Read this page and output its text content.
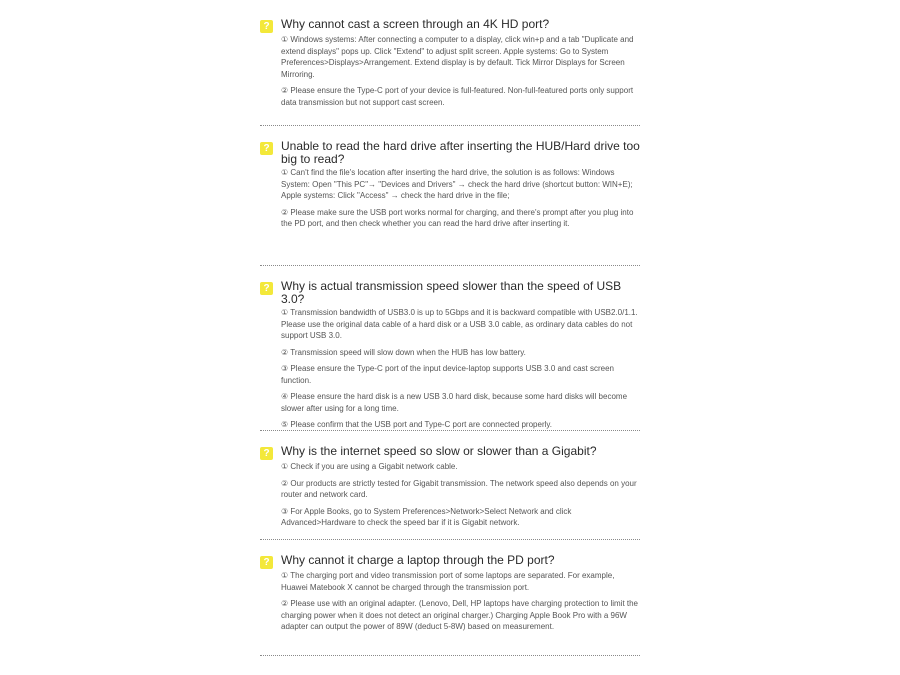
? Why cannot cast a screen through an 4K HD port?

① Windows systems: After connecting a computer to a display, click win+p and a tab "Duplicate and extend displays" pops up. Click "Extend" to adjust split screen. Apple systems: Go to System Preferences>Displays>Arrangement. Extend display is by default. Tick Mirror Displays for Screen Mirroring.

② Please ensure the Type-C port of your device is full-featured. Non-full-featured ports only support data transmission but not support cast screen.

? Unable to read the hard drive after inserting the HUB/Hard drive too big to read?

① Can't find the file's location after inserting the hard drive, the solution is as follows: Windows System: Open "This PC"→ "Devices and Drivers" → check the hard drive (shortcut button: WIN+E); Apple systems: Click "Access" → check the hard drive in the file;

② Please make sure the USB port works normal for charging, and there's prompt after you plug into the PD port, and then check whether you can read the hard drive after inserting it.

? Why is actual transmission speed slower than the speed of USB 3.0?

① Transmission bandwidth of USB3.0 is up to 5Gbps and it is backward compatible with USB2.0/1.1. Please use the original data cable of a hard disk or a USB 3.0 cable, as ordinary data cables do not support USB 3.0.

② Transmission speed will slow down when the HUB has low battery.

③ Please ensure the Type-C port of the input device-laptop supports USB 3.0 and cast screen function.

④ Please ensure the hard disk is a new USB 3.0 hard disk, because some hard disks will become slower after using for a long time.

⑤ Please confirm that the USB port and Type-C port are connected properly.

? Why is the internet speed so slow or slower than a Gigabit?

① Check if you are using a Gigabit network cable.

② Our products are strictly tested for Gigabit transmission. The network speed also depends on your router and network card.

③ For Apple Books, go to System Preferences>Network>Select Network and click Advanced>Hardware to check the speed bar if it is Gigabit network.

? Why cannot it charge a laptop through the PD port?

① The charging port and video transmission port of some laptops are separated. For example, Huawei Matebook X cannot be charged through the transmission port.

② Please use with an original adapter. (Lenovo, Dell, HP laptops have charging protection to limit the charging power when it does not detect an original charger.) Charging Apple Book Pro with a 96W adapter can output the power of 89W (deduct 5-8W) based on measurement.
